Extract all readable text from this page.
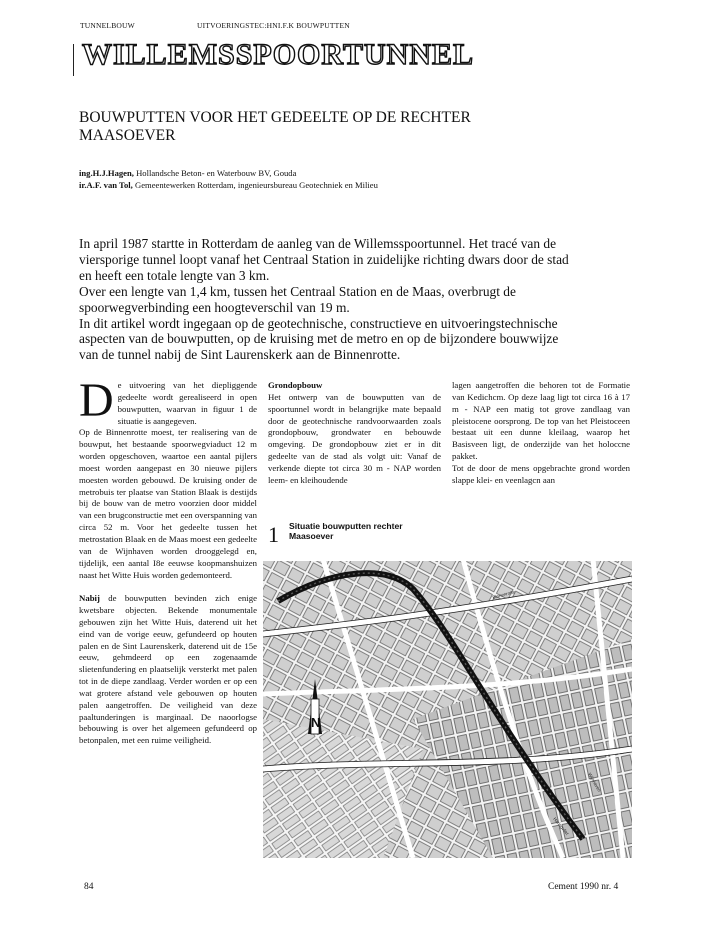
TUNNELBOUW	UITVOERINGSTEC:HNI.F.K BOUWPUTTEN
WILLEMSSPOORTUNNEL
BOUWPUTTEN VOOR HET GEDEELTE OP DE RECHTER MAASOEVER
ing.H.J.Hagen, Hollandsche Beton- en Waterbouw BV, Gouda
ir.A.F. van Tol, Gemeentewerken Rotterdam, ingenieursbureau Geotechniek en Milieu

In april 1987 startte in Rotterdam de aanleg van de Willemsspoortunnel. Het tracé van de viersporige tunnel loopt vanaf het Centraal Station in zuidelijke richting dwars door de stad en heeft een totale lengte van 3 km.

Over een lengte van 1,4 km, tussen het Centraal Station en de Maas, overbrugt de spoorwegverbinding een hoogteverschil van 19 m.

In dit artikel wordt ingegaan op de geotechnische, constructieve en uitvoeringstechnische aspecten van de bouwputten, op de kruising met de metro en op de bijzondere bouwwijze van de tunnel nabij de Sint Laurenskerk aan de Binnenrotte.

De uitvoering van het diepliggende gedeelte wordt gerealiseerd in open bouwputten, waarvan in figuur 1 de situatie is aangegeven.

Op de Binnenrotte moest, ter realisering van de bouwput, het bestaande spoorwegviaduct 12 m worden opgeschoven, waartoe een aantal pijlers moest worden aangepast en 30 nieuwe pijlers moesten worden gebouwd. De kruising onder de metrobuis ter plaatse van Station Blaak is destijds bij de bouw van de metro voorzien door middel van een brugconstructie met een overspanning van circa 52 m. Voor het gedeelte tussen het metrostation Blaak en de Maas moest een gedeelte van de Wijnhaven worden drooggelegd en, tijdelijk, een aantal I8e eeuwse koopmanshuizen naast het Witte Huis worden gedemonteerd.

Nabij de bouwputten bevinden zich enige kwetsbare objecten. Bekende monumentale gebouwen zijn het Witte Huis, daterend uit het eind van de vorige eeuw, gefundeerd op houten palen en de Sint Laurenskerk, daterend uit de 15e eeuw, gehmdeerd op een zogenaamde slietenfundering en plaatselijk versterkt met palen tot in de diepe zandlaag. Verder worden er op een wat grotere afstand vele gebouwen op houten palen aangetroffen. De veiligheid van deze paaltunderingen is marginaal. De naoorlogse bebouwing is over het algemeen gefundeerd op betonpalen, met een ruime veiligheid.

Grondopbouw

Het ontwerp van de bouwputten van de spoortunnel wordt in belangrijke mate bepaald door de geotechnische randvoorwaarden zoals grondopbouw, grondwater en bebouwde omgeving. De grondopbouw ziet er in dit gedeelte van de stad als volgt uit: Vanaf de verkende diepte tot circa 30 m - NAP worden leem- en kleihoudende

lagen aangetroffen die behoren tot de Formatie van Kedichcm. Op deze laag ligt tot circa 16 à 17 m - NAP een matig tot grove zandlaag van pleistocene oorsprong. De top van het Pleistoceen bestaat uit een dunne kleilaag, waarop het Basisveen ligt, de onderzijde van het holoccne pakket.

Tot de door de mens opgebrachte grond worden slappe klei- en veenlagcn aan

Binnenrotte
Wijnhaven
Haringvliet
N
1 Situatie bouwputten rechter
Maasoever
84	Cement 1990 nr. 4
